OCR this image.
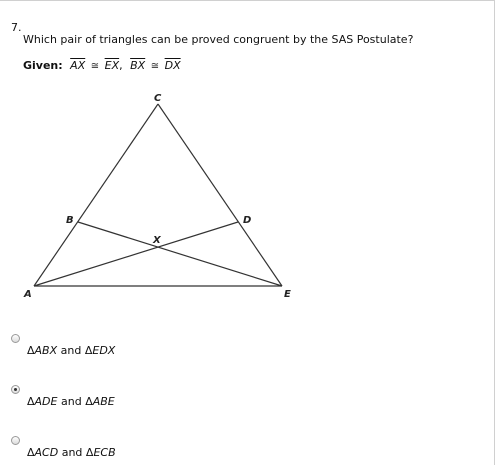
7.
Which pair of triangles can be proved congruent by the SAS Postulate?
Given: $\overline{AX}$ ≅ $\overline{EX}$, $\overline{BX}$ ≅ $\overline{DX}$
C
B	D
X
A	E
ΔABX and ΔEDX
ΔADE and ΔABE
ΔACD and ΔECB
